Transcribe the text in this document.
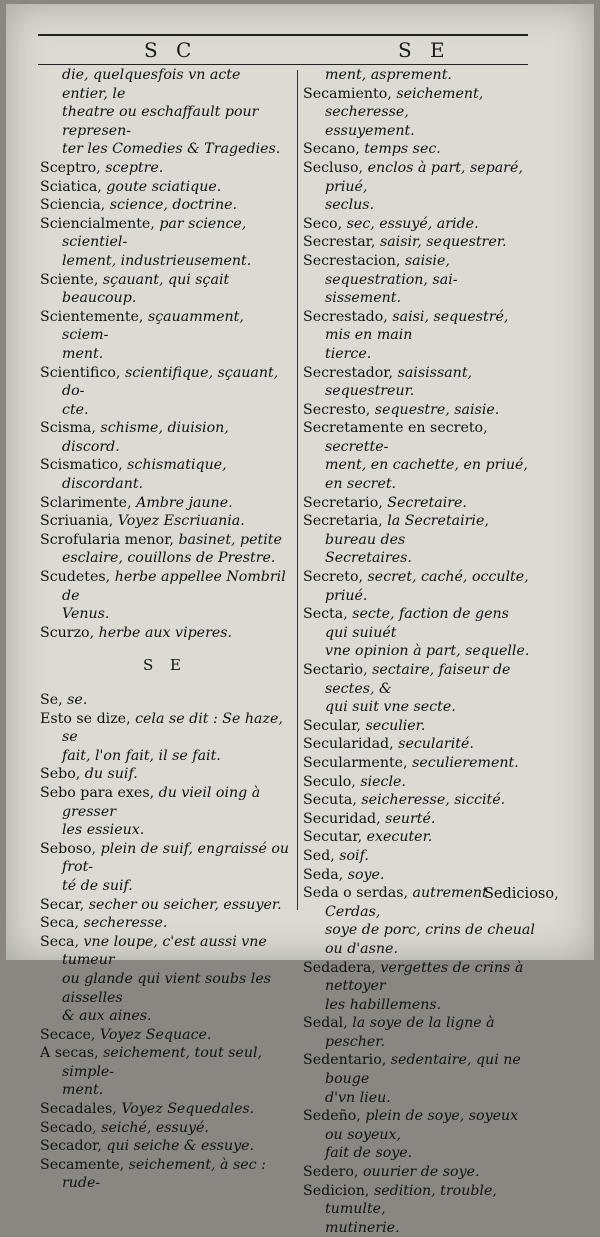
S C	S E
die, quelquesfois vn acte entier, le
theatre ou eschaffault pour represen-
ter les Comedies & Tragedies.
Sceptro, sceptre.
Sciatica, goute sciatique.
Sciencia, science, doctrine.
Sciencialmente, par science, scientiel-
lement, industrieusement.
Sciente, sçauant, qui sçait beaucoup.
Scientemente, sçauamment, sciem-
ment.
Scientifico, scientifique, sçauant, do-
cte.
Scisma, schisme, diuision, discord.
Scismatico, schismatique, discordant.
Sclarimente, Ambre jaune.
Scriuania, Voyez Escriuania.
Scrofularia menor, basinet, petite
esclaire, couillons de Prestre.
Scudetes, herbe appellee Nombril de
Venus.
Scurzo, herbe aux viperes.
S E
Se, se.
Esto se dize, cela se dit : Se haze, se
fait, l'on fait, il se fait.
Sebo, du suif.
Sebo para exes, du vieil oing à gresser
les essieux.
Seboso, plein de suif, engraissé ou frot-
té de suif.
Secar, secher ou seicher, essuyer.
Seca, secheresse.
Seca, vne loupe, c'est aussi vne tumeur
ou glande qui vient soubs les aisselles
& aux aines.
Secace, Voyez Sequace.
A secas, seichement, tout seul, simple-
ment.
Secadales, Voyez Sequedales.
Secado, seiché, essuyé.
Secador, qui seiche & essuye.
Secamente, seichement, à sec : rude-
ment, asprement.
Secamiento, seichement, secheresse,
essuyement.
Secano, temps sec.
Secluso, enclos à part, separé, priué,
seclus.
Seco, sec, essuyé, aride.
Secrestar, saisir, sequestrer.
Secrestacion, saisie, sequestration, sai-
sissement.
Secrestado, saisi, sequestré, mis en main
tierce.
Secrestador, saisissant, sequestreur.
Secresto, sequestre, saisie.
Secretamente en secreto, secrette-
ment, en cachette, en priué, en secret.
Secretario, Secretaire.
Secretaria, la Secretairie, bureau des
Secretaires.
Secreto, secret, caché, occulte, priué.
Secta, secte, faction de gens qui suiuét
vne opinion à part, sequelle.
Sectario, sectaire, faiseur de sectes, &
qui suit vne secte.
Secular, seculier.
Secularidad, secularité.
Secularmente, seculierement.
Seculo, siecle.
Secuta, seicheresse, siccité.
Securidad, seurté.
Secutar, executer.
Sed, soif.
Seda, soye.
Seda o serdas, autrement Cerdas,
soye de porc, crins de cheual ou d'asne.
Sedadera, vergettes de crins à nettoyer
les habillemens.
Sedal, la soye de la ligne à pescher.
Sedentario, sedentaire, qui ne bouge
d'vn lieu.
Sedeño, plein de soye, soyeux ou soyeux,
fait de soye.
Sedero, ouurier de soye.
Sedicion, sedition, trouble, tumulte,
mutinerie.
Sedicioso,
